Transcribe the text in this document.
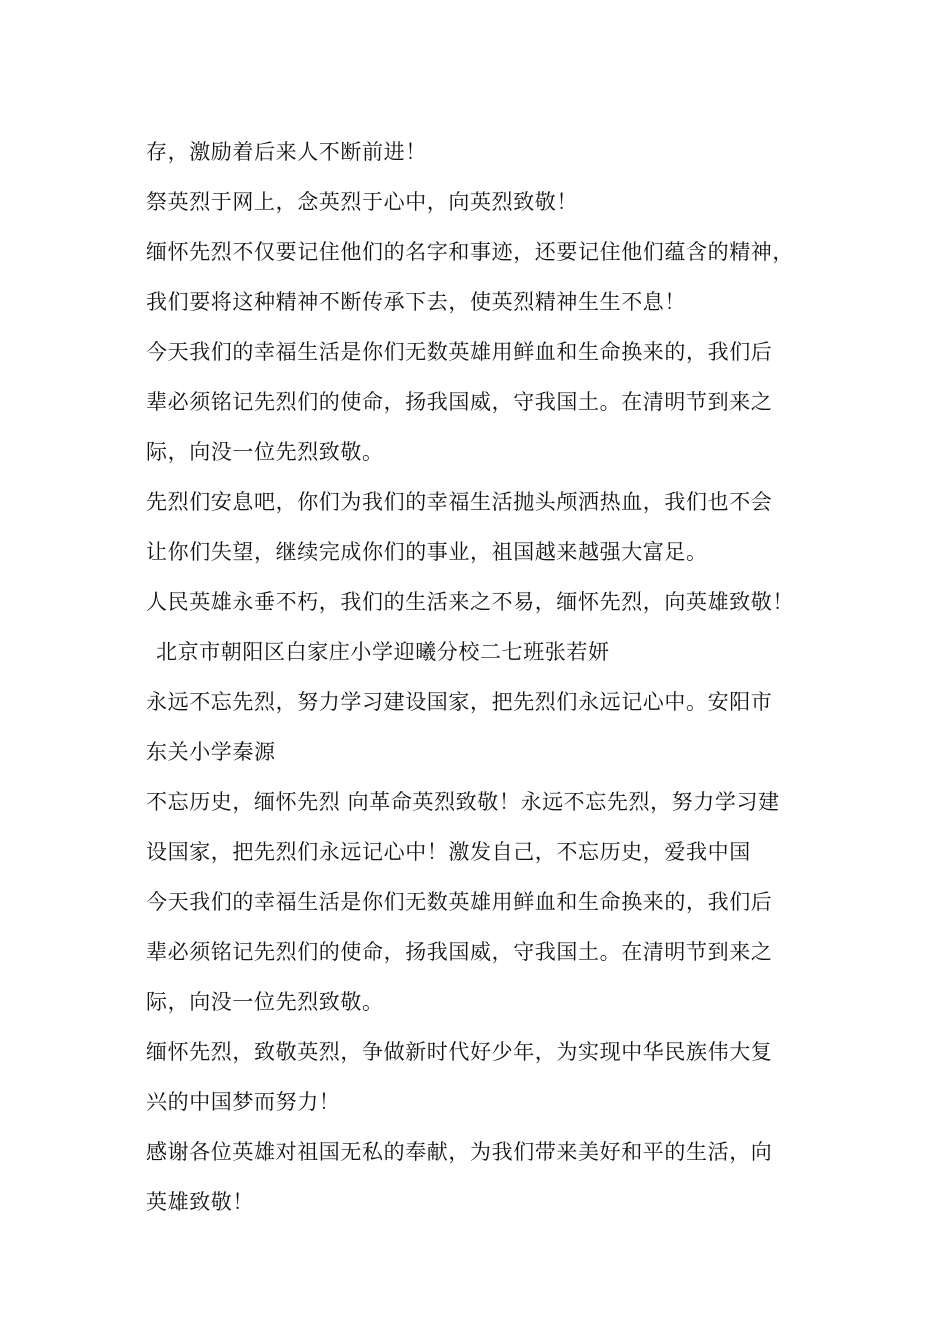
存，激励着后来人不断前进！
祭英烈于网上，念英烈于心中，向英烈致敬！
缅怀先烈不仅要记住他们的名字和事迹，还要记住他们蕴含的精神，
我们要将这种精神不断传承下去，使英烈精神生生不息！
今天我们的幸福生活是你们无数英雄用鲜血和生命换来的，我们后
辈必须铭记先烈们的使命，扬我国威，守我国土。在清明节到来之
际，向没一位先烈致敬。
先烈们安息吧，你们为我们的幸福生活抛头颅洒热血，我们也不会
让你们失望，继续完成你们的事业，祖国越来越强大富足。
人民英雄永垂不朽，我们的生活来之不易，缅怀先烈，向英雄致敬！
北京市朝阳区白家庄小学迎曦分校二七班张若妍
永远不忘先烈，努力学习建设国家，把先烈们永远记心中。安阳市
东关小学秦源
不忘历史，缅怀先烈 向革命英烈致敬！永远不忘先烈，努力学习建
设国家，把先烈们永远记心中！激发自己，不忘历史，爱我中国
今天我们的幸福生活是你们无数英雄用鲜血和生命换来的，我们后
辈必须铭记先烈们的使命，扬我国威，守我国土。在清明节到来之
际，向没一位先烈致敬。
缅怀先烈，致敬英烈，争做新时代好少年，为实现中华民族伟大复
兴的中国梦而努力！
感谢各位英雄对祖国无私的奉献，为我们带来美好和平的生活，向
英雄致敬！
